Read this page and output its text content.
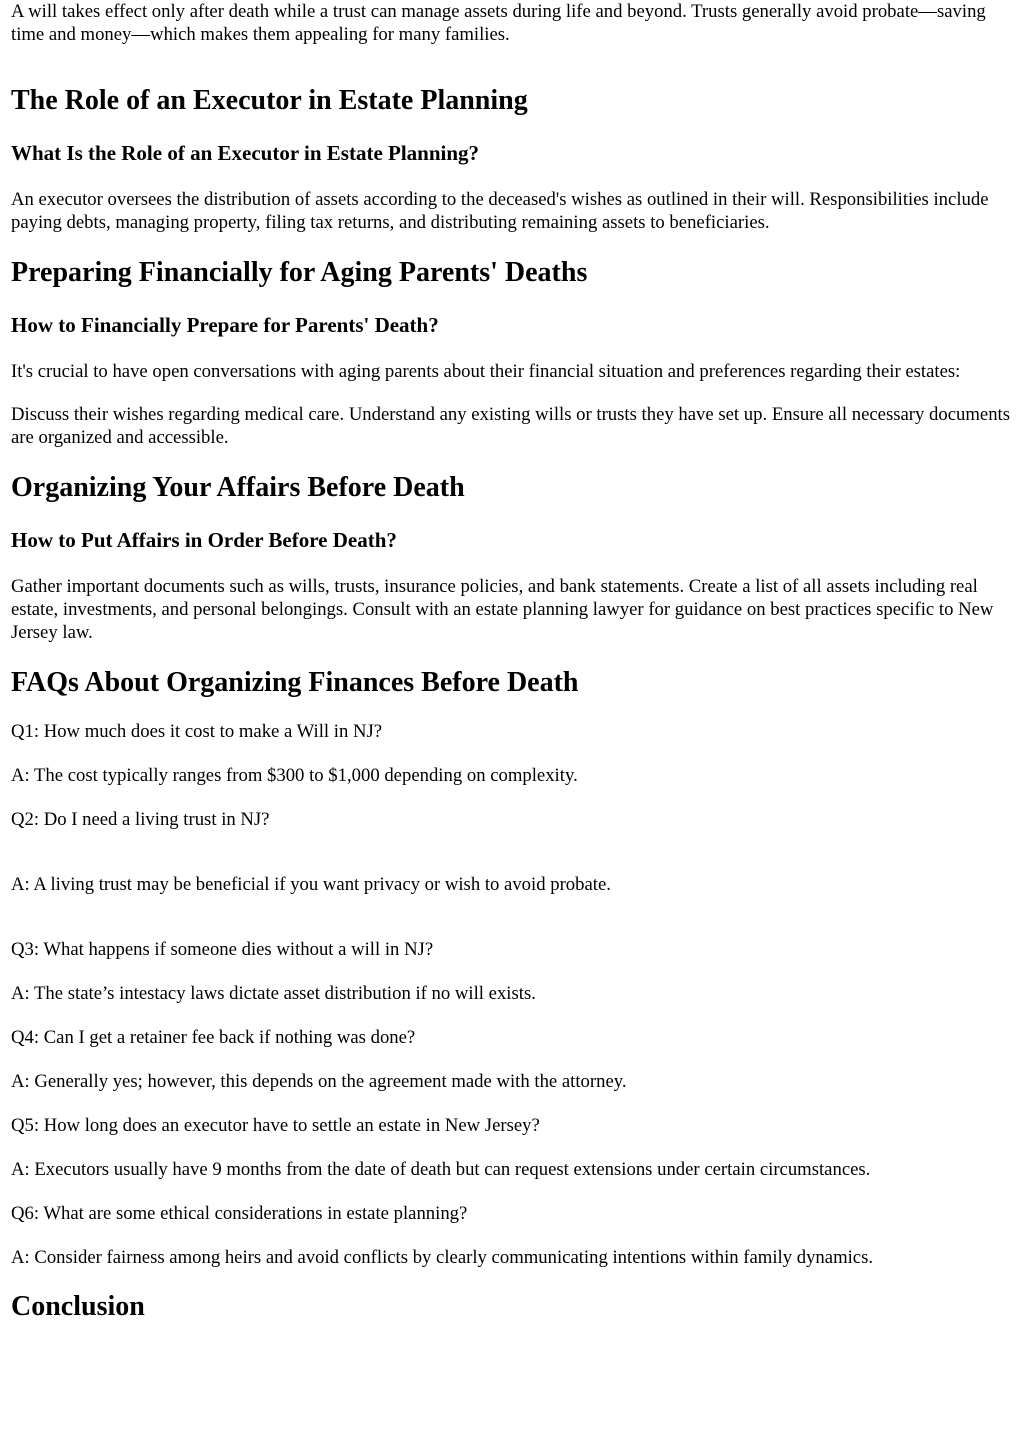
A will takes effect only after death while a trust can manage assets during life and beyond. Trusts generally avoid probate—saving time and money—which makes them appealing for many families.

The Role of an Executor in Estate Planning
What Is the Role of an Executor in Estate Planning?

An executor oversees the distribution of assets according to the deceased's wishes as outlined in their will. Responsibilities include paying debts, managing property, filing tax returns, and distributing remaining assets to beneficiaries.

Preparing Financially for Aging Parents' Deaths
How to Financially Prepare for Parents' Death?

It's crucial to have open conversations with aging parents about their financial situation and preferences regarding their estates:

Discuss their wishes regarding medical care. Understand any existing wills or trusts they have set up. Ensure all necessary documents are organized and accessible.

Organizing Your Affairs Before Death
How to Put Affairs in Order Before Death?

Gather important documents such as wills, trusts, insurance policies, and bank statements. Create a list of all assets including real estate, investments, and personal belongings. Consult with an estate planning lawyer for guidance on best practices specific to New Jersey law.

FAQs About Organizing Finances Before Death

Q1: How much does it cost to make a Will in NJ?

A: The cost typically ranges from $300 to $1,000 depending on complexity.

Q2: Do I need a living trust in NJ?

A: A living trust may be beneficial if you want privacy or wish to avoid probate.

Q3: What happens if someone dies without a will in NJ?

A: The state’s intestacy laws dictate asset distribution if no will exists.

Q4: Can I get a retainer fee back if nothing was done?

A: Generally yes; however, this depends on the agreement made with the attorney.

Q5: How long does an executor have to settle an estate in New Jersey?

A: Executors usually have 9 months from the date of death but can request extensions under certain circumstances.

Q6: What are some ethical considerations in estate planning?

A: Consider fairness among heirs and avoid conflicts by clearly communicating intentions within family dynamics.

Conclusion
